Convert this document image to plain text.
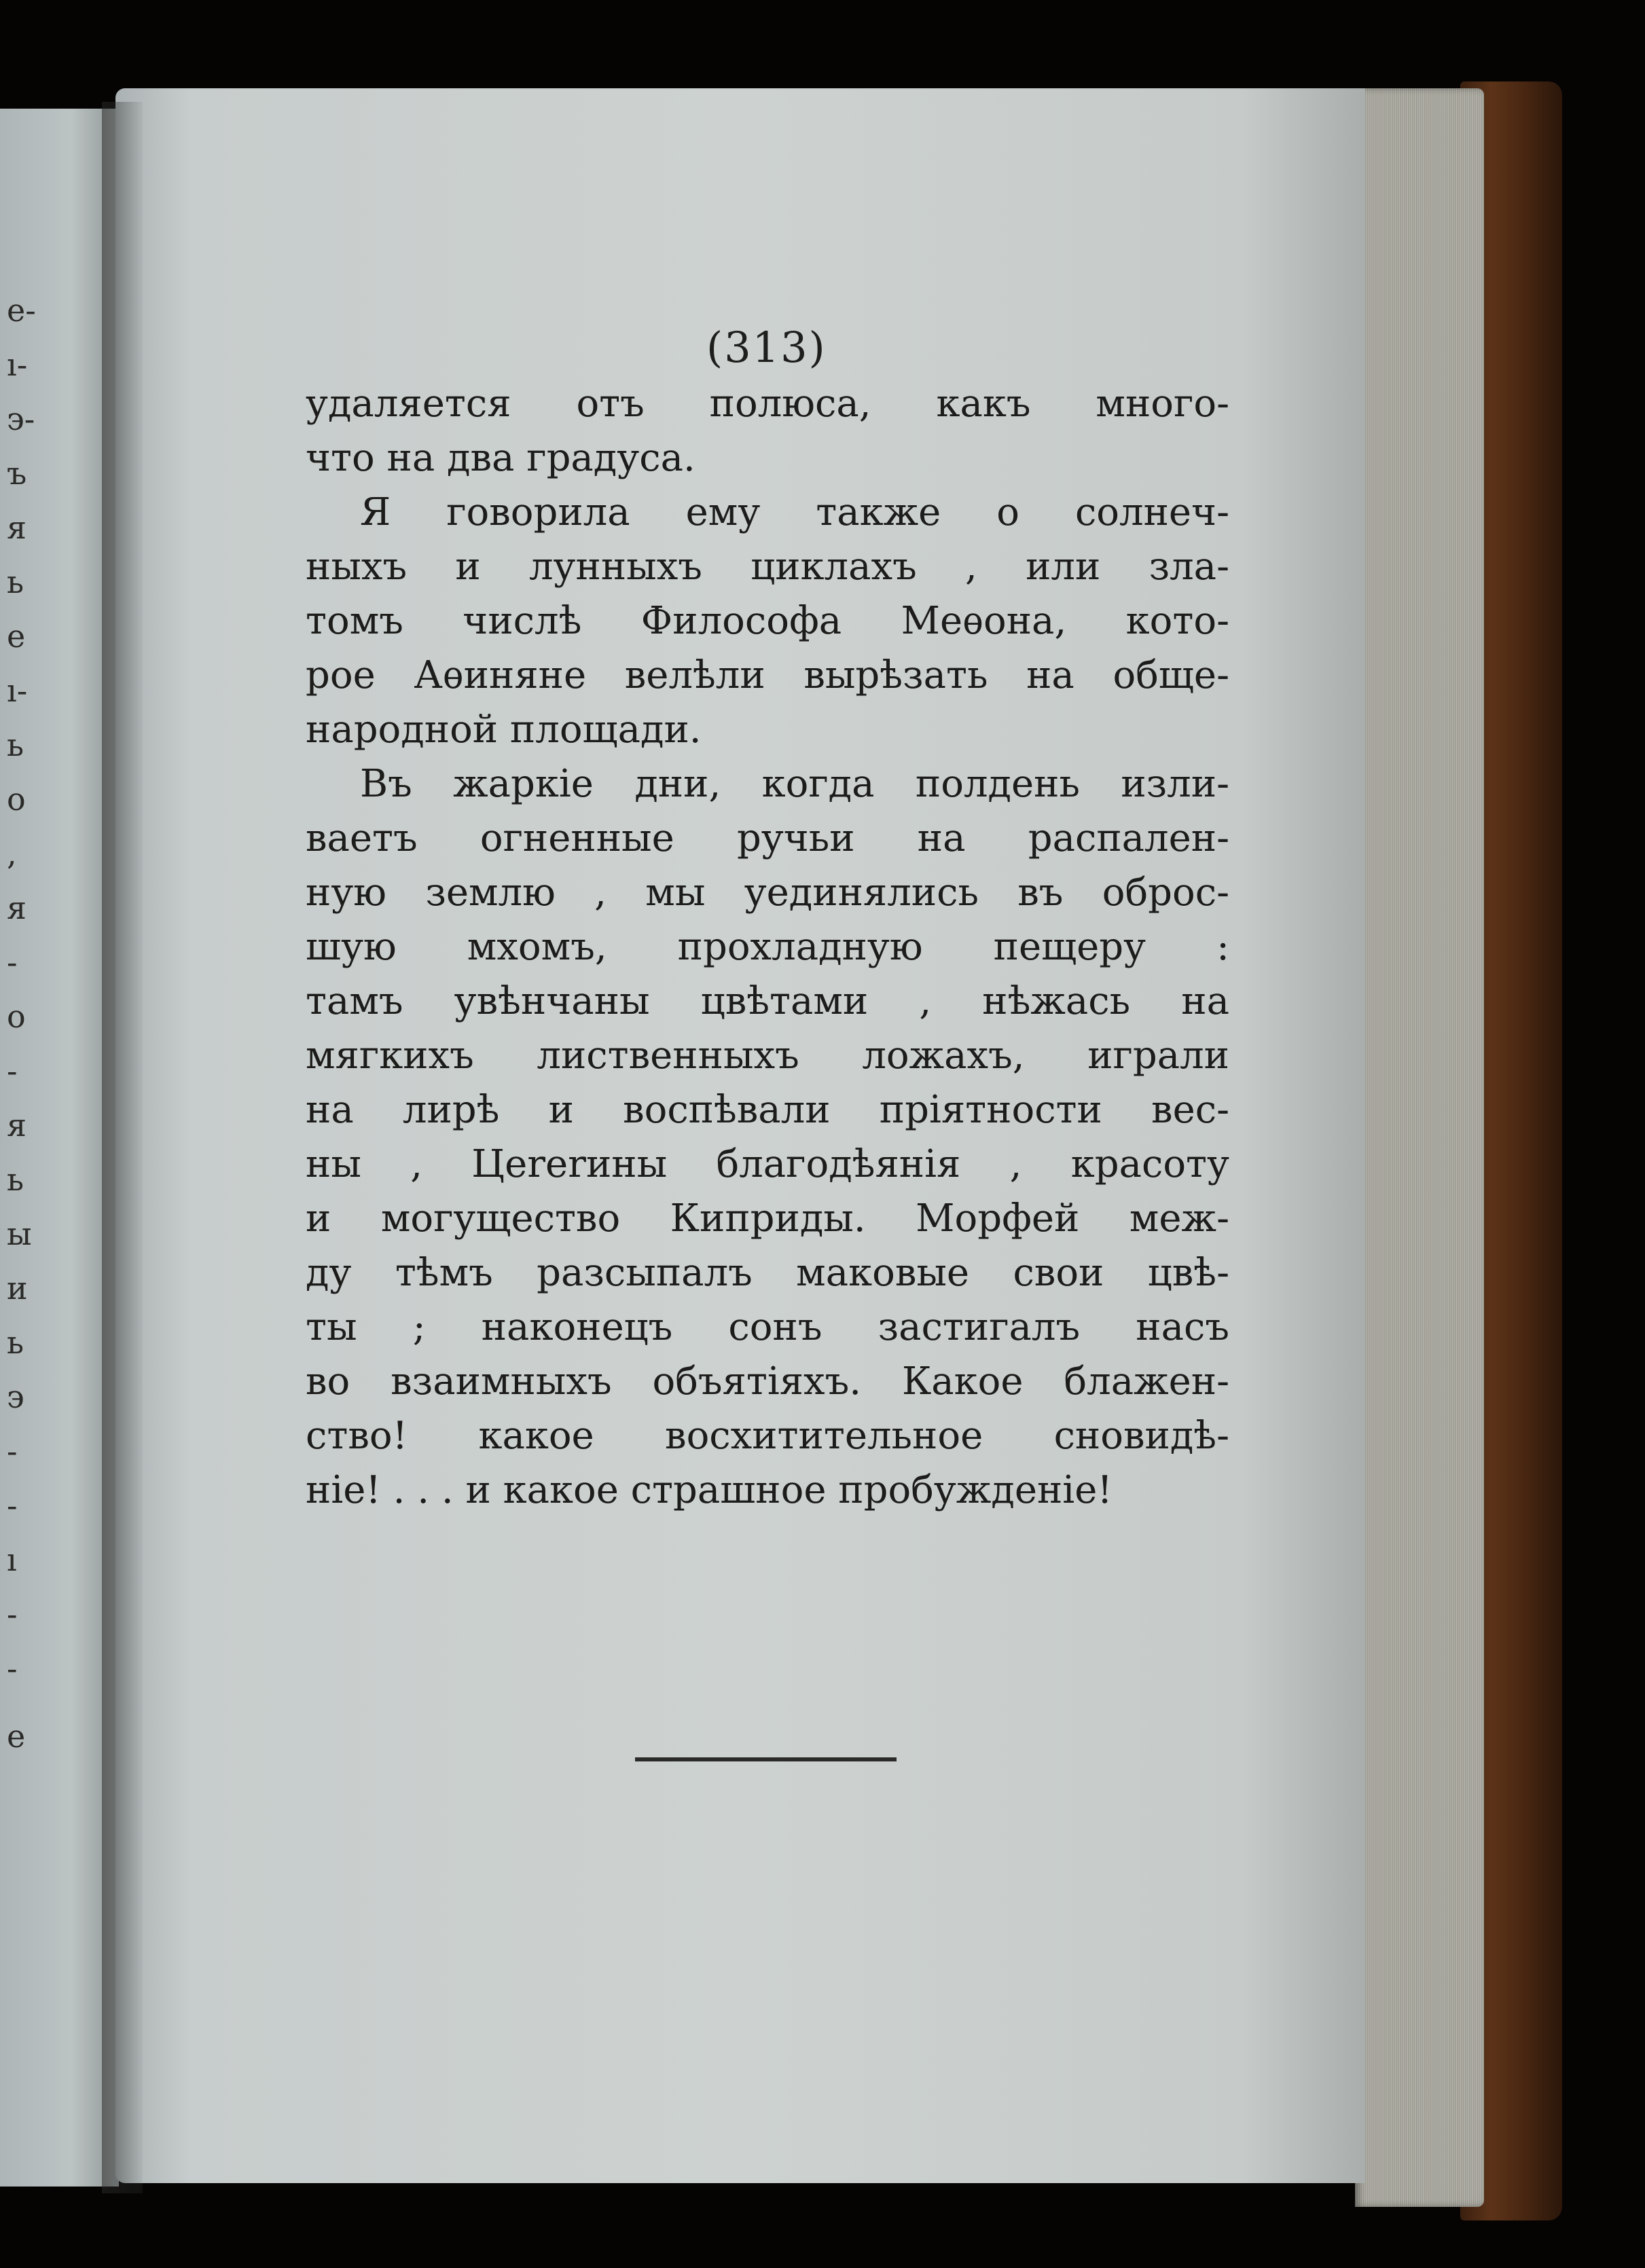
е-
ı-
э-
ъ
я
ь
е
ı-
ь
о
,
я
-
о
-
я
ь
ы
и
ь
э
-
-
ı
-
-
е
(313)
удаляется отъ полюса, какъ много-
что на два градуса.
Я говорила ему также о солнеч-
ныхъ и лунныхъ циклахъ , или зла-
томъ числѣ Философа Меѳона, кото-
рое Аѳиняне велѣли вырѣзать на обще-
народной площади.
Въ жаркіе дни, когда полдень изли-
ваетъ огненные ручьи на распален-
ную землю , мы уединялись въ оброс-
шую мхомъ, прохладную пещеру :
тамъ увѣнчаны цвѣтами , нѣжась на
мягкихъ лиственныхъ ложахъ, играли
на лирѣ и воспѣвали пріятности вес-
ны , Цererины благодѣянія , красоту
и могущество Киприды. Морфей меж-
ду тѣмъ разсыпалъ маковые свои цвѣ-
ты ; наконецъ сонъ застигалъ насъ
во взаимныхъ объятіяхъ. Какое блажен-
ство! какое восхитительное сновидѣ-
ніе! . . . и какое страшное пробужденіе!
